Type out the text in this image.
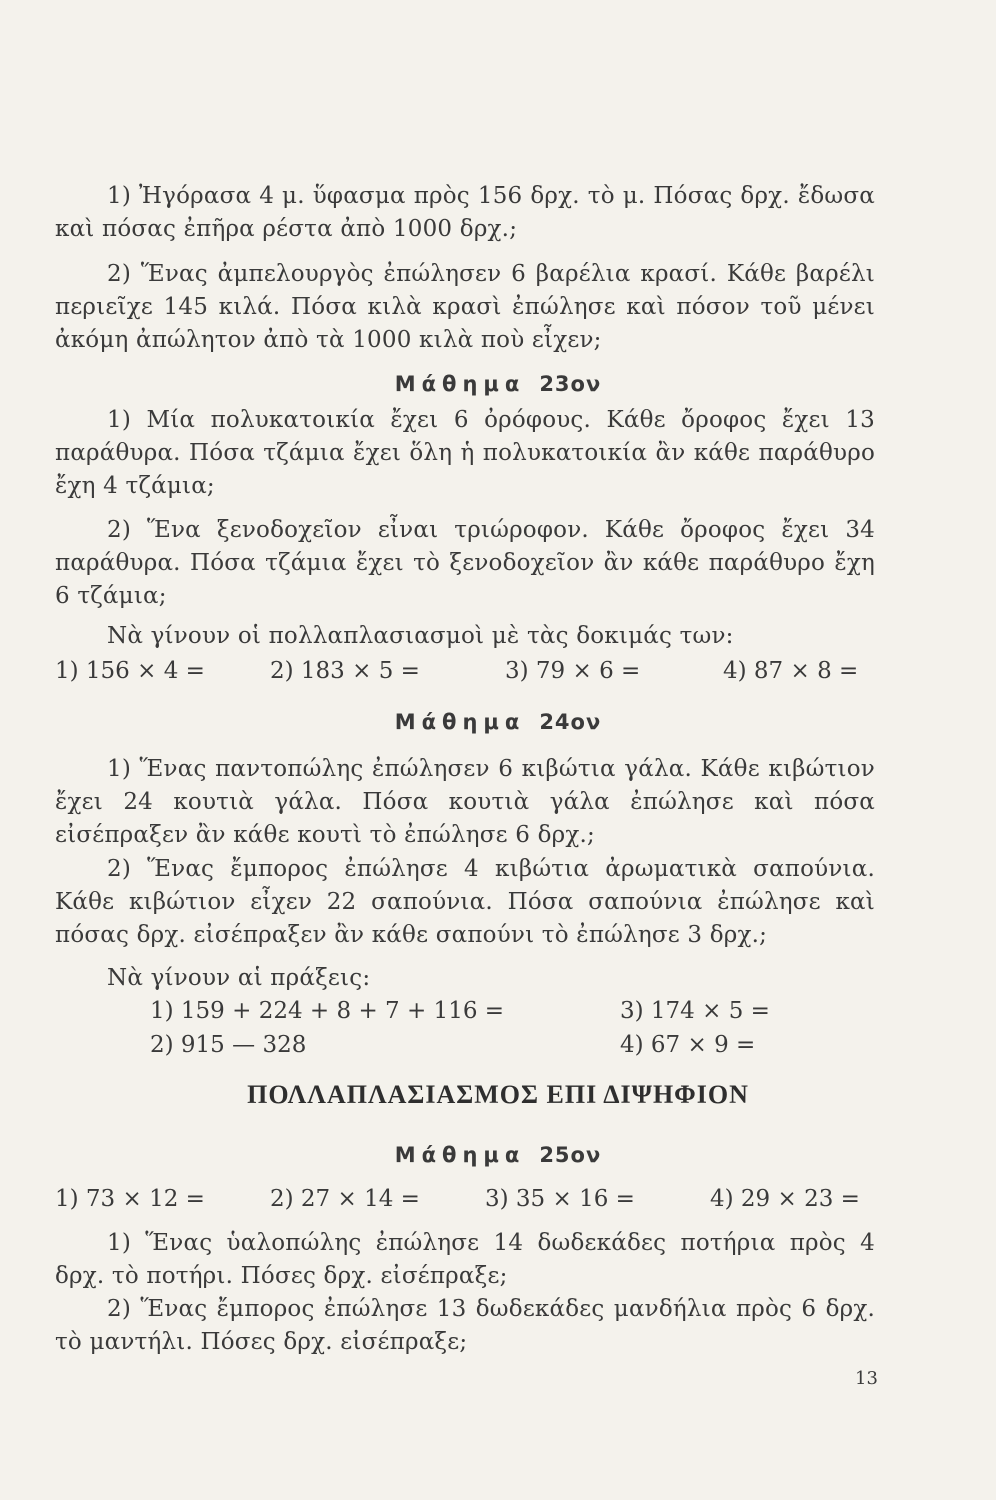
1) Ἠγόρασα 4 μ. ὕφασμα πρὸς 156 δρχ. τὸ μ. Πόσας δρχ. ἔδωσα καὶ πόσας ἐπῆρα ρέστα ἀπὸ 1000 δρχ.;
2) Ἕνας ἀμπελουργὸς ἐπώλησεν 6 βαρέλια κρασί. Κάθε βαρέλι περιεῖχε 145 κιλά. Πόσα κιλὰ κρασὶ ἐπώλησε καὶ πόσον τοῦ μένει ἀκόμη ἀπώλητον ἀπὸ τὰ 1000 κιλὰ ποὺ εἶχεν;
Μάθημα 23ον
1) Μία πολυκατοικία ἔχει 6 ὀρόφους. Κάθε ὄροφος ἔχει 13 παράθυρα. Πόσα τζάμια ἔχει ὅλη ἡ πολυκατοικία ἂν κάθε παράθυρο ἔχη 4 τζάμια;
2) Ἕνα ξενοδοχεῖον εἶναι τριώροφον. Κάθε ὄροφος ἔχει 34 παράθυρα. Πόσα τζάμια ἔχει τὸ ξενοδοχεῖον ἂν κάθε παράθυρο ἔχη 6 τζάμια;
Νὰ γίνουν οἱ πολλαπλασιασμοὶ μὲ τὰς δοκιμάς των:
1) 156 × 4 =	2) 183 × 5 =	3) 79 × 6 =	4) 87 × 8 =
Μάθημα 24ον
1) Ἕνας παντοπώλης ἐπώλησεν 6 κιβώτια γάλα. Κάθε κιβώτιον ἔχει 24 κουτιὰ γάλα. Πόσα κουτιὰ γάλα ἐπώλησε καὶ πόσα εἰσέπραξεν ἂν κάθε κουτὶ τὸ ἐπώλησε 6 δρχ.;
2) Ἕνας ἔμπορος ἐπώλησε 4 κιβώτια ἀρωματικὰ σαπούνια. Κάθε κιβώτιον εἶχεν 22 σαπούνια. Πόσα σαπούνια ἐπώλησε καὶ πόσας δρχ. εἰσέπραξεν ἂν κάθε σαπούνι τὸ ἐπώλησε 3 δρχ.;
Νὰ γίνουν αἱ πράξεις:
1) 159 + 224 + 8 + 7 + 116 =	3) 174 × 5 =
2) 915 — 328	4) 67 × 9 =
ΠΟΛΛΑΠΛΑΣΙΑΣΜΟΣ ΕΠΙ ΔΙΨΗΦΙΟΝ
Μάθημα 25ον
1) 73 × 12 =	2) 27 × 14 =	3) 35 × 16 =	4) 29 × 23 =
1) Ἕνας ὑαλοπώλης ἐπώλησε 14 δωδεκάδες ποτήρια πρὸς 4 δρχ. τὸ ποτήρι. Πόσες δρχ. εἰσέπραξε;
2) Ἕνας ἔμπορος ἐπώλησε 13 δωδεκάδες μανδήλια πρὸς 6 δρχ. τὸ μαντήλι. Πόσες δρχ. εἰσέπραξε;
13
